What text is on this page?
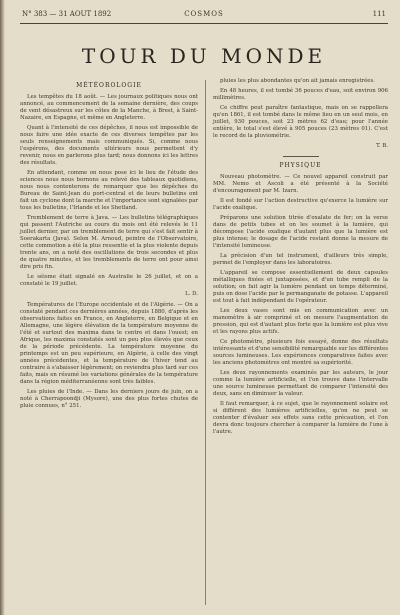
N° 383 — 31 AOUT 1892	COSMOS	111
TOUR DU MONDE
MÉTÉOROLOGIE

Les tempêtes du 18 août. — Les journaux politiques nous ont annoncé, au commencement de la semaine dernière, des coups de vent désastreux sur les côtes de la Manche, à Brest, à Saint-Nazaire, en Espagne, et même en Angleterre.

Quant à l'intensité de ces dépêches, il nous est impossible de nous faire une idée exacte de ces diverses tempêtes par les seuls renseignements mais communiqués. Si, comme nous l'espérons, des documents ultérieurs nous permettent d'y revenir, nous en parlerons plus tard; nous donnons ici les lettres des résultats.

En attendant, comme on nous pose ici le lieu de l'étude des sciences nous nous bornons au relevé des tableaux quotidiens, nous nous contenterons de remarquer que les dépêches du Bureau de Saint-Jean du port-central et de leurs bulletins ont fait un cyclone dont la marche et l'importance sont signalées par tous les bulletins, l'Irlande et les Shetland.

Tremblement de terre à Java. — Les bulletins télégraphiques qui passent l'Autriche au cours du mois ont été relevés le 11 juillet dernier, par un tremblement de terre qui s'est fait sentir à Soerakarta (Java). Selon M. Arnoud, peintre de l'Observatoire, cette commotion a été la plus ressentie et la plus violente depuis trente ans, on a noté des oscillations de trois secondes et plus de quatre minutes, et les tremblements de terre ont pour ainsi dire pris fin.

Le séisme était signalé en Australie le 26 juillet, et on a constaté le 19 juillet.

L. D.

Températures de l'Europe occidentale et de l'Algérie. — On a constaté pendant ces dernières années, depuis 1880, d'après les observations faites en France, en Angleterre, en Belgique et en Allemagne, une légère élévation de la température moyenne de l'été et surtout des maxima dans le centre et dans l'ouest; en Afrique, les maxima constatés sont un peu plus élevés que ceux de la période précédente. La température moyenne du printemps est un peu supérieure, en Algérie, à celle des vingt années précédentes, et la température de l'hiver tend au contraire à s'abaisser légèrement; on reviendra plus tard sur ces faits, mais en résumé les variations générales de la température dans la région méditerranéenne sont très faibles.

Les pluies de l'Inde. — Dans les derniers jours de juin, on a noté à Cherrapoondji (Mysore), une des plus fortes chutes de pluie connues, n° 251.

pluies les plus abondantes qu'on ait jamais enregistrées.

En 48 heures, il est tombé 36 pouces d'eau, soit environ 906 millimètres.

Ce chiffre peut paraître fantastique, mais on se rappellera qu'en 1861, il est tombé dans le même lieu en un seul mois, en juillet, 930 pouces, soit 23 mètres 62 d'eau; pour l'année entière, le total s'est élevé à 905 pouces (23 mètres 01). C'est le record de la pluviométrie.

T. B.
PHYSIQUE

Nouveau photomètre. — Ce nouvel appareil construit par MM. Nemo et Ascoli a été présenté à la Société d'encouragement par M. Izarn.

Il est fondé sur l'action destructive qu'exerce la lumière sur l'acide oxalique.

Préparons une solution titrée d'oxalate de fer; on la verse dans de petits tubes et on les soumet à la lumière, qui décompose l'acide oxalique d'autant plus que la lumière est plus intense; le dosage de l'acide restant donne la mesure de l'intensité lumineuse.

La précision d'un tel instrument, d'ailleurs très simple, permet de l'employer dans les laboratoires.

L'appareil se compose essentiellement de deux capsules métalliques fixées et juxtaposées, et d'un tube rempli de la solution; on fait agir la lumière pendant un temps déterminé, puis on dose l'acide par le permanganate de potasse. L'appareil est tout à fait indépendant de l'opérateur.

Les deux vases sont mis en communication avec un manomètre à air comprimé et on mesure l'augmentation de pression, qui est d'autant plus forte que la lumière est plus vive et les rayons plus actifs.

Ce photomètre, plusieurs fois essayé, donne des résultats intéressants et d'une sensibilité remarquable sur les différentes sources lumineuses. Les expériences comparatives faites avec les anciens photomètres ont montré sa supériorité.

Les deux rayonnements examinés par les auteurs, le jour comme la lumière artificielle, et l'on trouve dans l'intervalle une source lumineuse permettant de comparer l'intensité des deux, sans en diminuer la valeur.

Il faut remarquer, à ce sujet, que le rayonnement solaire est si différent des lumières artificielles, qu'on ne peut se contenter d'évaluer ses effets sans cette précaution, et l'on devra donc toujours chercher à comparer la lumière de l'une à l'autre.
